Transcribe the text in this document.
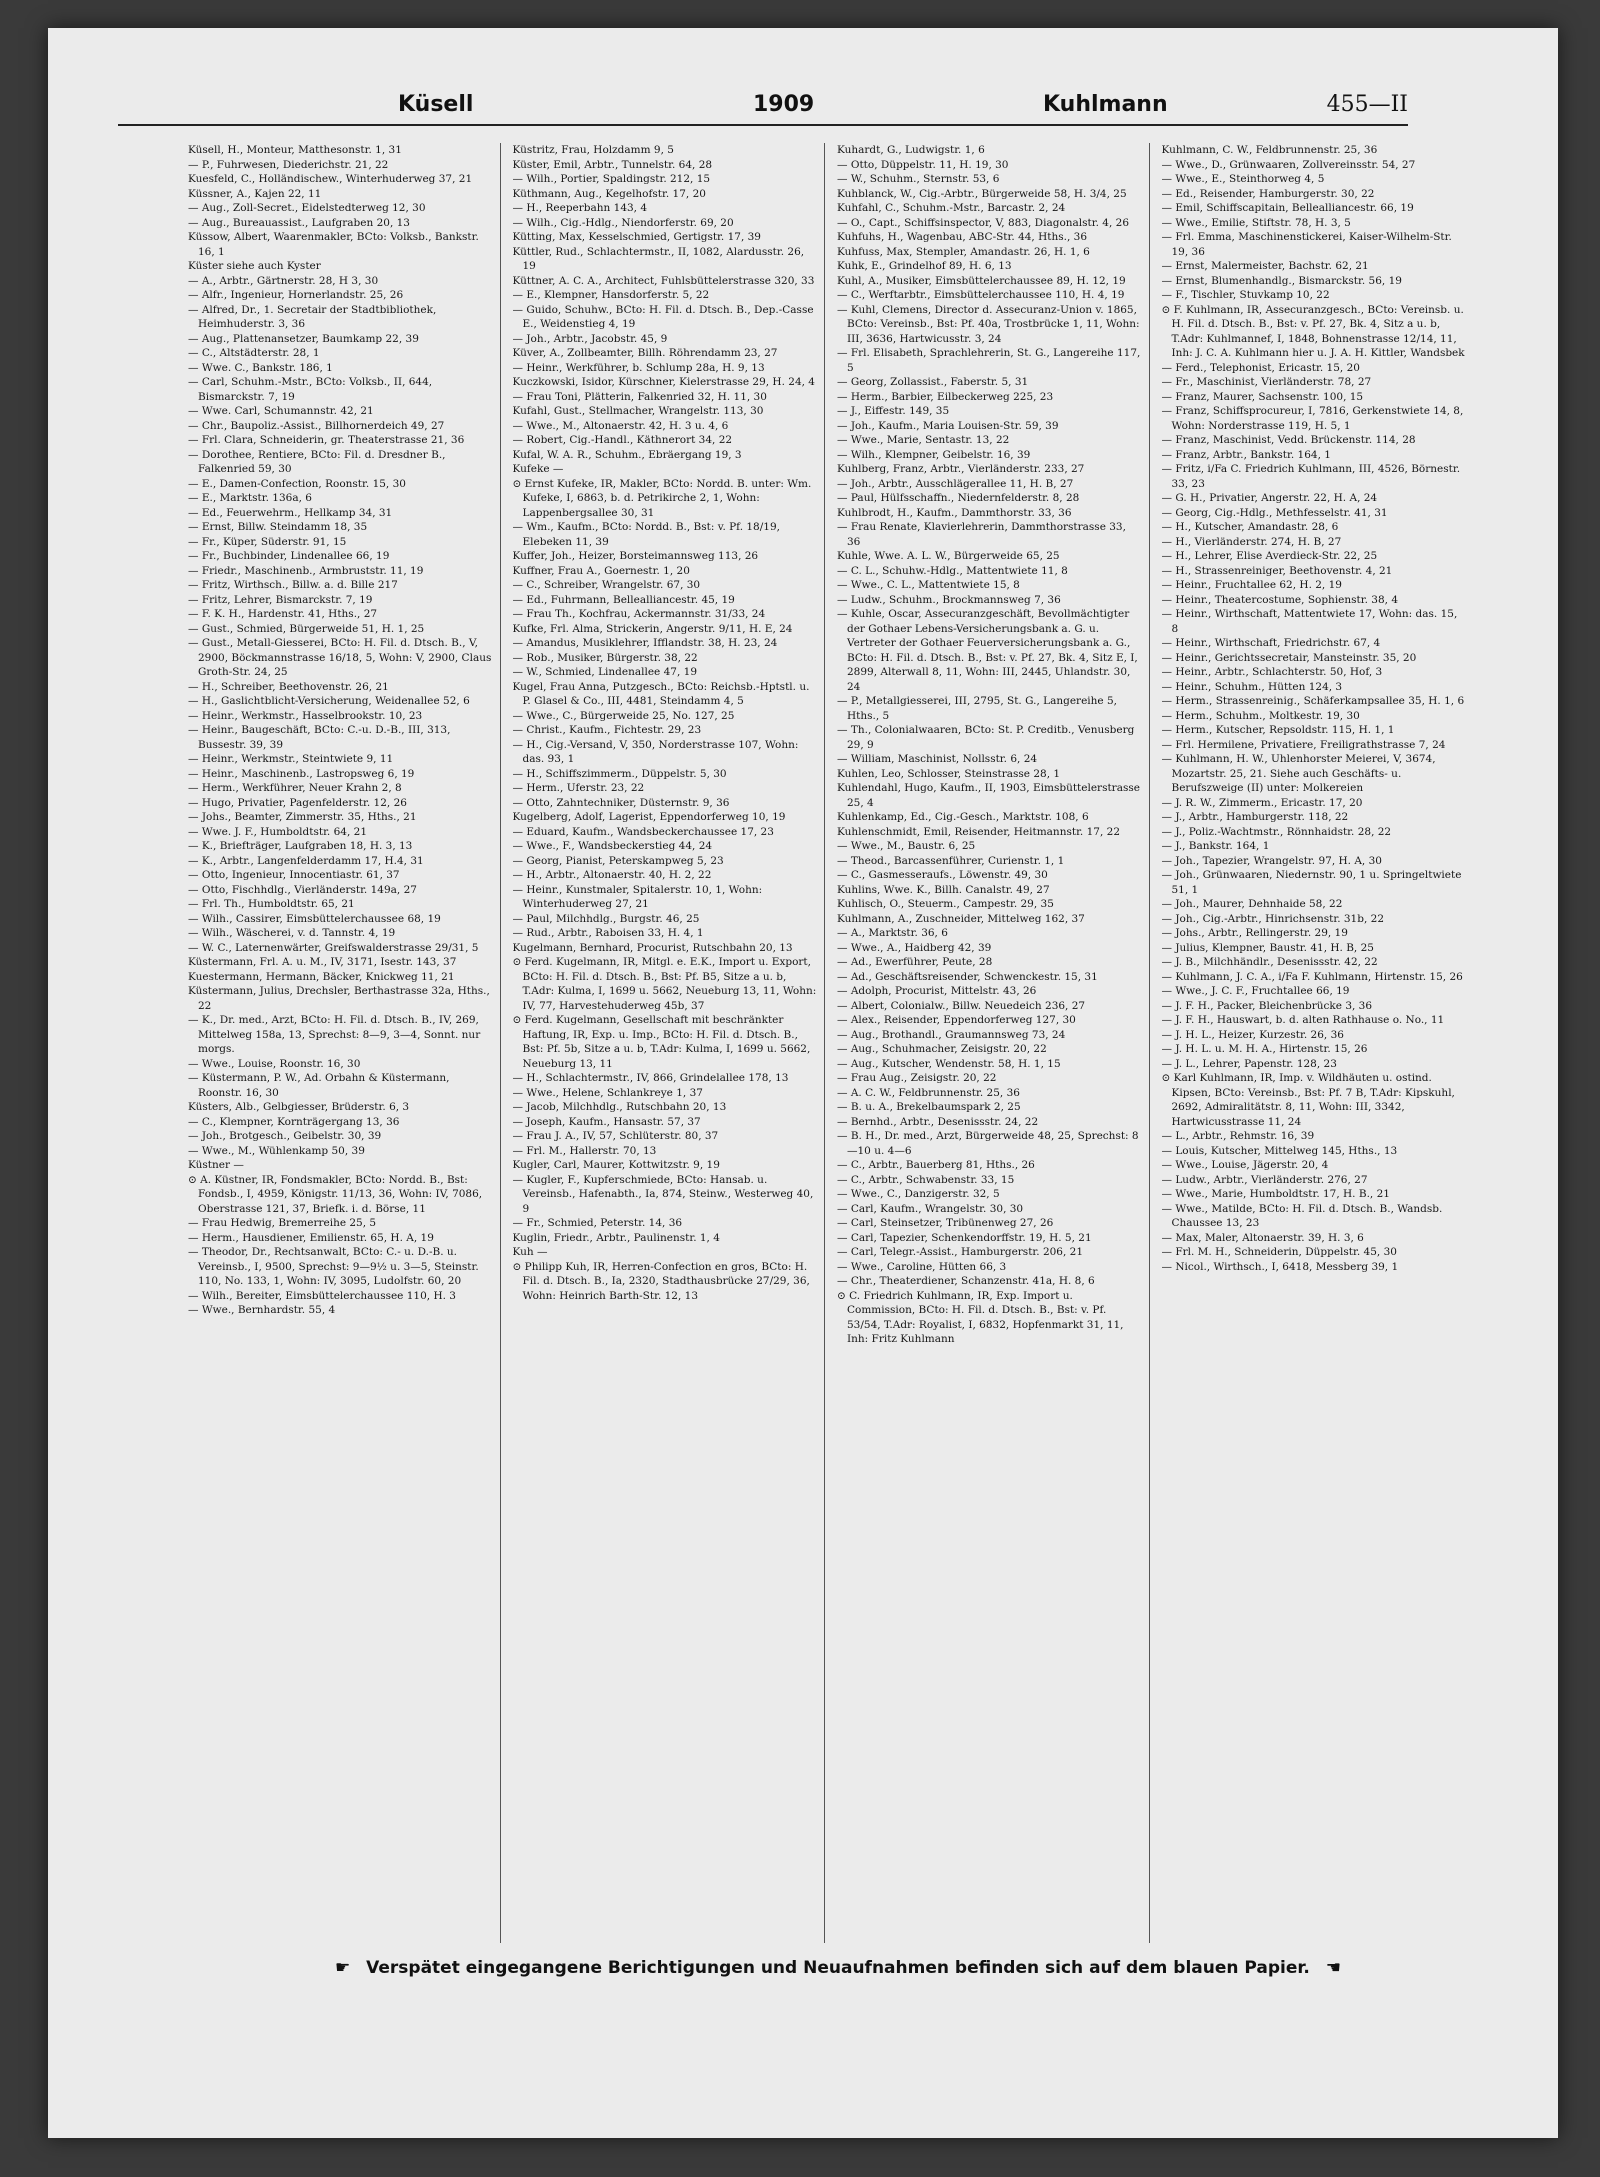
Küsell	1909	Kuhlmann	455—II
Küsell, H., Monteur, Matthesonstr. 1, 31
— P., Fuhrwesen, Diederichstr. 21, 22
Kuesfeld, C., Holländischew., Winterhuderweg 37, 21
Küssner, A., Kajen 22, 11
— Aug., Zoll-Secret., Eidelstedterweg 12, 30
— Aug., Bureauassist., Laufgraben 20, 13
Küssow, Albert, Waarenmakler, BCto: Volksb., Bankstr. 16, 1
Küster siehe auch Kyster
— A., Arbtr., Gärtnerstr. 28, H 3, 30
— Alfr., Ingenieur, Hornerlandstr. 25, 26
— Alfred, Dr., 1. Secretair der Stadtbibliothek, Heimhuderstr. 3, 36
— Aug., Plattenansetzer, Baumkamp 22, 39
— C., Altstädterstr. 28, 1
— Wwe. C., Bankstr. 186, 1
— Carl, Schuhm.-Mstr., BCto: Volksb., II, 644, Bismarckstr. 7, 19
— Wwe. Carl, Schumannstr. 42, 21
— Chr., Baupoliz.-Assist., Billhornerdeich 49, 27
— Frl. Clara, Schneiderin, gr. Theaterstrasse 21, 36
— Dorothee, Rentiere, BCto: Fil. d. Dresdner B., Falkenried 59, 30
— E., Damen-Confection, Roonstr. 15, 30
— E., Marktstr. 136a, 6
— Ed., Feuerwehrm., Hellkamp 34, 31
— Ernst, Billw. Steindamm 18, 35
— Fr., Küper, Süderstr. 91, 15
— Fr., Buchbinder, Lindenallee 66, 19
— Friedr., Maschinenb., Armbruststr. 11, 19
— Fritz, Wirthsch., Billw. a. d. Bille 217
— Fritz, Lehrer, Bismarckstr. 7, 19
— F. K. H., Hardenstr. 41, Hths., 27
— Gust., Schmied, Bürgerweide 51, H. 1, 25
— Gust., Metall-Giesserei, BCto: H. Fil. d. Dtsch. B., V, 2900, Böckmannstrasse 16/18, 5, Wohn: V, 2900, Claus Groth-Str. 24, 25
— H., Schreiber, Beethovenstr. 26, 21
— H., Gaslichtblicht-Versicherung, Weidenallee 52, 6
— Heinr., Werkmstr., Hasselbrookstr. 10, 23
— Heinr., Baugeschäft, BCto: C.-u. D.-B., III, 313, Bussestr. 39, 39
— Heinr., Werkmstr., Steintwiete 9, 11
— Heinr., Maschinenb., Lastropsweg 6, 19
— Herm., Werkführer, Neuer Krahn 2, 8
— Hugo, Privatier, Pagenfelderstr. 12, 26
— Johs., Beamter, Zimmerstr. 35, Hths., 21
— Wwe. J. F., Humboldtstr. 64, 21
— K., Briefträger, Laufgraben 18, H. 3, 13
— K., Arbtr., Langenfelderdamm 17, H.4, 31
— Otto, Ingenieur, Innocentiastr. 61, 37
— Otto, Fischhdlg., Vierländerstr. 149a, 27
— Frl. Th., Humboldtstr. 65, 21
— Wilh., Cassirer, Eimsbüttelerchaussee 68, 19
— Wilh., Wäscherei, v. d. Tannstr. 4, 19
— W. C., Laternenwärter, Greifswalderstrasse 29/31, 5
Küstermann, Frl. A. u. M., IV, 3171, Isestr. 143, 37
Kuestermann, Hermann, Bäcker, Knickweg 11, 21
Küstermann, Julius, Drechsler, Berthastrasse 32a, Hths., 22
— K., Dr. med., Arzt, BCto: H. Fil. d. Dtsch. B., IV, 269, Mittelweg 158a, 13, Sprechst: 8—9, 3—4, Sonnt. nur morgs.
— Wwe., Louise, Roonstr. 16, 30
— Küstermann, P. W., Ad. Orbahn & Küstermann, Roonstr. 16, 30
Küsters, Alb., Gelbgiesser, Brüderstr. 6, 3
— C., Klempner, Kornträgergang 13, 36
— Joh., Brotgesch., Geibelstr. 30, 39
— Wwe., M., Wühlenkamp 50, 39
Küstner —
⊙ A. Küstner, IR, Fondsmakler, BCto: Nordd. B., Bst: Fondsb., I, 4959, Königstr. 11/13, 36, Wohn: IV, 7086, Oberstrasse 121, 37, Briefk. i. d. Börse, 11
— Frau Hedwig, Bremerreihe 25, 5
— Herm., Hausdiener, Emilienstr. 65, H. A, 19
— Theodor, Dr., Rechtsanwalt, BCto: C.- u. D.-B. u. Vereinsb., I, 9500, Sprechst: 9—9½ u. 3—5, Steinstr. 110, No. 133, 1, Wohn: IV, 3095, Ludolfstr. 60, 20
— Wilh., Bereiter, Eimsbüttelerchaussee 110, H. 3
— Wwe., Bernhardstr. 55, 4
Küstritz, Frau, Holzdamm 9, 5
Küster, Emil, Arbtr., Tunnelstr. 64, 28
— Wilh., Portier, Spaldingstr. 212, 15
Küthmann, Aug., Kegelhofstr. 17, 20
— H., Reeperbahn 143, 4
— Wilh., Cig.-Hdlg., Niendorferstr. 69, 20
Kütting, Max, Kesselschmied, Gertigstr. 17, 39
Küttler, Rud., Schlachtermstr., II, 1082, Alardusstr. 26, 19
Küttner, A. C. A., Architect, Fuhlsbüttelerstrasse 320, 33
— E., Klempner, Hansdorferstr. 5, 22
— Guido, Schuhw., BCto: H. Fil. d. Dtsch. B., Dep.-Casse E., Weidenstieg 4, 19
— Joh., Arbtr., Jacobstr. 45, 9
Küver, A., Zollbeamter, Billh. Röhrendamm 23, 27
— Heinr., Werkführer, b. Schlump 28a, H. 9, 13
Kuczkowski, Isidor, Kürschner, Kielerstrasse 29, H. 24, 4
— Frau Toni, Plätterin, Falkenried 32, H. 11, 30
Kufahl, Gust., Stellmacher, Wrangelstr. 113, 30
— Wwe., M., Altonaerstr. 42, H. 3 u. 4, 6
— Robert, Cig.-Handl., Käthnerort 34, 22
Kufal, W. A. R., Schuhm., Ebräergang 19, 3
Kufeke —
⊙ Ernst Kufeke, IR, Makler, BCto: Nordd. B. unter: Wm. Kufeke, I, 6863, b. d. Petrikirche 2, 1, Wohn: Lappenbergsallee 30, 31
— Wm., Kaufm., BCto: Nordd. B., Bst: v. Pf. 18/19, Elebeken 11, 39
Kuffer, Joh., Heizer, Borsteimannsweg 113, 26
Kuffner, Frau A., Goernestr. 1, 20
— C., Schreiber, Wrangelstr. 67, 30
— Ed., Fuhrmann, Bellealliancestr. 45, 19
— Frau Th., Kochfrau, Ackermannstr. 31/33, 24
Kufke, Frl. Alma, Strickerin, Angerstr. 9/11, H. E, 24
— Amandus, Musiklehrer, Ifflandstr. 38, H. 23, 24
— Rob., Musiker, Bürgerstr. 38, 22
— W., Schmied, Lindenallee 47, 19
Kugel, Frau Anna, Putzgesch., BCto: Reichsb.-Hptstl. u. P. Glasel & Co., III, 4481, Steindamm 4, 5
— Wwe., C., Bürgerweide 25, No. 127, 25
— Christ., Kaufm., Fichtestr. 29, 23
— H., Cig.-Versand, V, 350, Norderstrasse 107, Wohn: das. 93, 1
— H., Schiffszimmerm., Düppelstr. 5, 30
— Herm., Uferstr. 23, 22
— Otto, Zahntechniker, Düsternstr. 9, 36
Kugelberg, Adolf, Lagerist, Eppendorferweg 10, 19
— Eduard, Kaufm., Wandsbeckerchaussee 17, 23
— Wwe., F., Wandsbeckerstieg 44, 24
— Georg, Pianist, Peterskampweg 5, 23
— H., Arbtr., Altonaerstr. 40, H. 2, 22
— Heinr., Kunstmaler, Spitalerstr. 10, 1, Wohn: Winterhuderweg 27, 21
— Paul, Milchhdlg., Burgstr. 46, 25
— Rud., Arbtr., Raboisen 33, H. 4, 1
Kugelmann, Bernhard, Procurist, Rutschbahn 20, 13
⊙ Ferd. Kugelmann, IR, Mitgl. e. E.K., Import u. Export, BCto: H. Fil. d. Dtsch. B., Bst: Pf. B5, Sitze a u. b, T.Adr: Kulma, I, 1699 u. 5662, Neueburg 13, 11, Wohn: IV, 77, Harvestehuderweg 45b, 37
⊙ Ferd. Kugelmann, Gesellschaft mit beschränkter Haftung, IR, Exp. u. Imp., BCto: H. Fil. d. Dtsch. B., Bst: Pf. 5b, Sitze a u. b, T.Adr: Kulma, I, 1699 u. 5662, Neueburg 13, 11
— H., Schlachtermstr., IV, 866, Grindelallee 178, 13
— Wwe., Helene, Schlankreye 1, 37
— Jacob, Milchhdlg., Rutschbahn 20, 13
— Joseph, Kaufm., Hansastr. 57, 37
— Frau J. A., IV, 57, Schlüterstr. 80, 37
— Frl. M., Hallerstr. 70, 13
Kugler, Carl, Maurer, Kottwitzstr. 9, 19
— Kugler, F., Kupferschmiede, BCto: Hansab. u. Vereinsb., Hafenabth., Ia, 874, Steinw., Westerweg 40, 9
— Fr., Schmied, Peterstr. 14, 36
Kuglin, Friedr., Arbtr., Paulinenstr. 1, 4
Kuh —
⊙ Philipp Kuh, IR, Herren-Confection en gros, BCto: H. Fil. d. Dtsch. B., Ia, 2320, Stadthausbrücke 27/29, 36, Wohn: Heinrich Barth-Str. 12, 13
Kuhardt, G., Ludwigstr. 1, 6
— Otto, Düppelstr. 11, H. 19, 30
— W., Schuhm., Sternstr. 53, 6
Kuhblanck, W., Cig.-Arbtr., Bürgerweide 58, H. 3/4, 25
Kuhfahl, C., Schuhm.-Mstr., Barcastr. 2, 24
— O., Capt., Schiffsinspector, V, 883, Diagonalstr. 4, 26
Kuhfuhs, H., Wagenbau, ABC-Str. 44, Hths., 36
Kuhfuss, Max, Stempler, Amandastr. 26, H. 1, 6
Kuhk, E., Grindelhof 89, H. 6, 13
Kuhl, A., Musiker, Eimsbüttelerchaussee 89, H. 12, 19
— C., Werftarbtr., Eimsbüttelerchaussee 110, H. 4, 19
— Kuhl, Clemens, Director d. Assecuranz-Union v. 1865, BCto: Vereinsb., Bst: Pf. 40a, Trostbrücke 1, 11, Wohn: III, 3636, Hartwicusstr. 3, 24
— Frl. Elisabeth, Sprachlehrerin, St. G., Langereihe 117, 5
— Georg, Zollassist., Faberstr. 5, 31
— Herm., Barbier, Eilbeckerweg 225, 23
— J., Eiffestr. 149, 35
— Joh., Kaufm., Maria Louisen-Str. 59, 39
— Wwe., Marie, Sentastr. 13, 22
— Wilh., Klempner, Geibelstr. 16, 39
Kuhlberg, Franz, Arbtr., Vierländerstr. 233, 27
— Joh., Arbtr., Ausschlägerallee 11, H. B, 27
— Paul, Hülfsschaffn., Niedernfelderstr. 8, 28
Kuhlbrodt, H., Kaufm., Dammthorstr. 33, 36
— Frau Renate, Klavierlehrerin, Dammthorstrasse 33, 36
Kuhle, Wwe. A. L. W., Bürgerweide 65, 25
— C. L., Schuhw.-Hdlg., Mattentwiete 11, 8
— Wwe., C. L., Mattentwiete 15, 8
— Ludw., Schuhm., Brockmannsweg 7, 36
— Kuhle, Oscar, Assecuranzgeschäft, Bevollmächtigter der Gothaer Lebens-Versicherungsbank a. G. u. Vertreter der Gothaer Feuerversicherungsbank a. G., BCto: H. Fil. d. Dtsch. B., Bst: v. Pf. 27, Bk. 4, Sitz E, I, 2899, Alterwall 8, 11, Wohn: III, 2445, Uhlandstr. 30, 24
— P., Metallgiesserei, III, 2795, St. G., Langereihe 5, Hths., 5
— Th., Colonialwaaren, BCto: St. P. Creditb., Venusberg 29, 9
— William, Maschinist, Nollsstr. 6, 24
Kuhlen, Leo, Schlosser, Steinstrasse 28, 1
Kuhlendahl, Hugo, Kaufm., II, 1903, Eimsbüttelerstrasse 25, 4
Kuhlenkamp, Ed., Cig.-Gesch., Marktstr. 108, 6
Kuhlenschmidt, Emil, Reisender, Heitmannstr. 17, 22
— Wwe., M., Baustr. 6, 25
— Theod., Barcassenführer, Curienstr. 1, 1
— C., Gasmesseraufs., Löwenstr. 49, 30
Kuhlins, Wwe. K., Billh. Canalstr. 49, 27
Kuhlisch, O., Steuerm., Campestr. 29, 35
Kuhlmann, A., Zuschneider, Mittelweg 162, 37
— A., Marktstr. 36, 6
— Wwe., A., Haidberg 42, 39
— Ad., Ewerführer, Peute, 28
— Ad., Geschäftsreisender, Schwenckestr. 15, 31
— Adolph, Procurist, Mittelstr. 43, 26
— Albert, Colonialw., Billw. Neuedeich 236, 27
— Alex., Reisender, Eppendorferweg 127, 30
— Aug., Brothandl., Graumannsweg 73, 24
— Aug., Schuhmacher, Zeisigstr. 20, 22
— Aug., Kutscher, Wendenstr. 58, H. 1, 15
— Frau Aug., Zeisigstr. 20, 22
— A. C. W., Feldbrunnenstr. 25, 36
— B. u. A., Brekelbaumspark 2, 25
— Bernhd., Arbtr., Desenissstr. 24, 22
— B. H., Dr. med., Arzt, Bürgerweide 48, 25, Sprechst: 8—10 u. 4—6
— C., Arbtr., Bauerberg 81, Hths., 26
— C., Arbtr., Schwabenstr. 33, 15
— Wwe., C., Danzigerstr. 32, 5
— Carl, Kaufm., Wrangelstr. 30, 30
— Carl, Steinsetzer, Tribünenweg 27, 26
— Carl, Tapezier, Schenkendorffstr. 19, H. 5, 21
— Carl, Telegr.-Assist., Hamburgerstr. 206, 21
— Wwe., Caroline, Hütten 66, 3
— Chr., Theaterdiener, Schanzenstr. 41a, H. 8, 6
⊙ C. Friedrich Kuhlmann, IR, Exp. Import u. Commission, BCto: H. Fil. d. Dtsch. B., Bst: v. Pf. 53/54, T.Adr: Royalist, I, 6832, Hopfenmarkt 31, 11, Inh: Fritz Kuhlmann
Kuhlmann, C. W., Feldbrunnenstr. 25, 36
— Wwe., D., Grünwaaren, Zollvereinsstr. 54, 27
— Wwe., E., Steinthorweg 4, 5
— Ed., Reisender, Hamburgerstr. 30, 22
— Emil, Schiffscapitain, Bellealliancestr. 66, 19
— Wwe., Emilie, Stiftstr. 78, H. 3, 5
— Frl. Emma, Maschinenstickerei, Kaiser-Wilhelm-Str. 19, 36
— Ernst, Malermeister, Bachstr. 62, 21
— Ernst, Blumenhandlg., Bismarckstr. 56, 19
— F., Tischler, Stuvkamp 10, 22
⊙ F. Kuhlmann, IR, Assecuranzgesch., BCto: Vereinsb. u. H. Fil. d. Dtsch. B., Bst: v. Pf. 27, Bk. 4, Sitz a u. b, T.Adr: Kuhlmannef, I, 1848, Bohnenstrasse 12/14, 11, Inh: J. C. A. Kuhlmann hier u. J. A. H. Kittler, Wandsbek
— Ferd., Telephonist, Ericastr. 15, 20
— Fr., Maschinist, Vierländerstr. 78, 27
— Franz, Maurer, Sachsenstr. 100, 15
— Franz, Schiffsprocureur, I, 7816, Gerkenstwiete 14, 8, Wohn: Norderstrasse 119, H. 5, 1
— Franz, Maschinist, Vedd. Brückenstr. 114, 28
— Franz, Arbtr., Bankstr. 164, 1
— Fritz, i/Fa C. Friedrich Kuhlmann, III, 4526, Börnestr. 33, 23
— G. H., Privatier, Angerstr. 22, H. A, 24
— Georg, Cig.-Hdlg., Methfesselstr. 41, 31
— H., Kutscher, Amandastr. 28, 6
— H., Vierländerstr. 274, H. B, 27
— H., Lehrer, Elise Averdieck-Str. 22, 25
— H., Strassenreiniger, Beethovenstr. 4, 21
— Heinr., Fruchtallee 62, H. 2, 19
— Heinr., Theatercostume, Sophienstr. 38, 4
— Heinr., Wirthschaft, Mattentwiete 17, Wohn: das. 15, 8
— Heinr., Wirthschaft, Friedrichstr. 67, 4
— Heinr., Gerichtssecretair, Mansteinstr. 35, 20
— Heinr., Arbtr., Schlachterstr. 50, Hof, 3
— Heinr., Schuhm., Hütten 124, 3
— Herm., Strassenreinig., Schäferkampsallee 35, H. 1, 6
— Herm., Schuhm., Moltkestr. 19, 30
— Herm., Kutscher, Repsoldstr. 115, H. 1, 1
— Frl. Hermilene, Privatiere, Freiligrathstrasse 7, 24
— Kuhlmann, H. W., Uhlenhorster Meierei, V, 3674, Mozartstr. 25, 21. Siehe auch Geschäfts- u. Berufszweige (II) unter: Molkereien
— J. R. W., Zimmerm., Ericastr. 17, 20
— J., Arbtr., Hamburgerstr. 118, 22
— J., Poliz.-Wachtmstr., Rönnhaidstr. 28, 22
— J., Bankstr. 164, 1
— Joh., Tapezier, Wrangelstr. 97, H. A, 30
— Joh., Grünwaaren, Niedernstr. 90, 1 u. Springeltwiete 51, 1
— Joh., Maurer, Dehnhaide 58, 22
— Joh., Cig.-Arbtr., Hinrichsenstr. 31b, 22
— Johs., Arbtr., Rellingerstr. 29, 19
— Julius, Klempner, Baustr. 41, H. B, 25
— J. B., Milchhändlr., Desenissstr. 42, 22
— Kuhlmann, J. C. A., i/Fa F. Kuhlmann, Hirtenstr. 15, 26
— Wwe., J. C. F., Fruchtallee 66, 19
— J. F. H., Packer, Bleichenbrücke 3, 36
— J. F. H., Hauswart, b. d. alten Rathhause o. No., 11
— J. H. L., Heizer, Kurzestr. 26, 36
— J. H. L. u. M. H. A., Hirtenstr. 15, 26
— J. L., Lehrer, Papenstr. 128, 23
⊙ Karl Kuhlmann, IR, Imp. v. Wildhäuten u. ostind. Kipsen, BCto: Vereinsb., Bst: Pf. 7 B, T.Adr: Kipskuhl, 2692, Admiralitätstr. 8, 11, Wohn: III, 3342, Hartwicusstrasse 11, 24
— L., Arbtr., Rehmstr. 16, 39
— Louis, Kutscher, Mittelweg 145, Hths., 13
— Wwe., Louise, Jägerstr. 20, 4
— Ludw., Arbtr., Vierländerstr. 276, 27
— Wwe., Marie, Humboldtstr. 17, H. B., 21
— Wwe., Matilde, BCto: H. Fil. d. Dtsch. B., Wandsb. Chaussee 13, 23
— Max, Maler, Altonaerstr. 39, H. 3, 6
— Frl. M. H., Schneiderin, Düppelstr. 45, 30
— Nicol., Wirthsch., I, 6418, Messberg 39, 1
☛ Verspätet eingegangene Berichtigungen und Neuaufnahmen befinden sich auf dem blauen Papier. ☚
